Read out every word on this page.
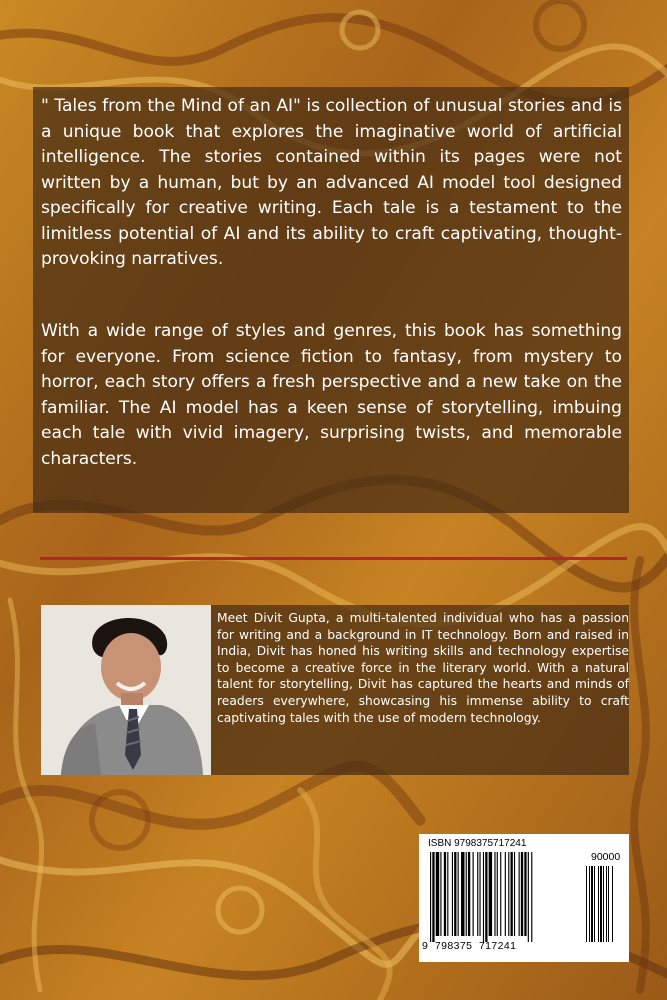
" Tales from the Mind of an AI" is collection of unusual stories and is a unique book that explores the imaginative world of artificial intelligence. The stories contained within its pages were not written by a human, but by an advanced AI model tool designed specifically for creative writing. Each tale is a testament to the limitless potential of AI and its ability to craft captivating, thought-provoking narratives.

With a wide range of styles and genres, this book has something for everyone. From science fiction to fantasy, from mystery to horror, each story offers a fresh perspective and a new take on the familiar. The AI model has a keen sense of storytelling, imbuing each tale with vivid imagery, surprising twists, and memorable characters.

Meet Divit Gupta, a multi-talented individual who has a passion for writing and a background in IT technology. Born and raised in India, Divit has honed his writing skills and technology expertise to become a creative force in the literary world. With a natural talent for storytelling, Divit has captured the hearts and minds of readers everywhere, showcasing his immense ability to craft captivating tales with the use of modern technology.

ISBN 9798375717241
90000
9  798375  717241
